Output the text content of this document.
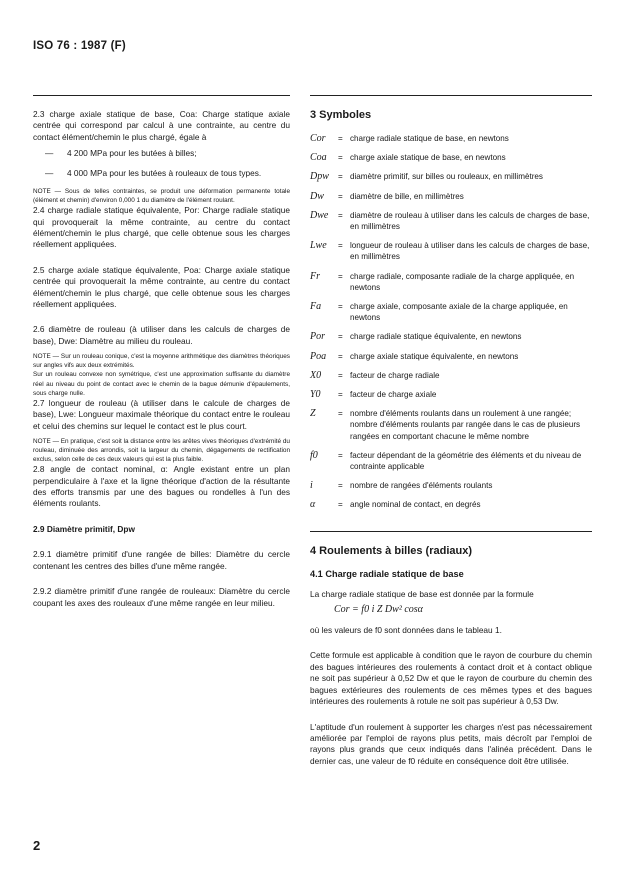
ISO 76 : 1987 (F)

2.3 charge axiale statique de base, Coa: Charge statique axiale centrée qui correspond par calcul à une contrainte, au centre du contact élément/chemin le plus chargé, égale à

—	4 200 MPa pour les butées à billes;
—	4 000 MPa pour les butées à rouleaux de tous types.

NOTE — Sous de telles contraintes, se produit une déformation permanente totale (élément et chemin) d'environ 0,000 1 du diamètre de l'élément roulant.

2.4 charge radiale statique équivalente, Por: Charge radiale statique qui provoquerait la même contrainte, au centre du contact élément/chemin le plus chargé, que celle obtenue sous les charges réellement appliquées.

2.5 charge axiale statique équivalente, Poa: Charge axiale statique centrée qui provoquerait la même contrainte, au centre du contact élément/chemin le plus chargé, que celle obtenue sous les charges réellement appliquées.

2.6 diamètre de rouleau (à utiliser dans les calculs de charges de base), Dwe: Diamètre au milieu du rouleau.

NOTE — Sur un rouleau conique, c'est la moyenne arithmétique des diamètres théoriques sur angles vifs aux deux extrémités.

Sur un rouleau convexe non symétrique, c'est une approximation suffisante du diamètre réel au niveau du point de contact avec le chemin de la bague démunie d'épaulements, sous charge nulle.

2.7 longueur de rouleau (à utiliser dans le calcule de charges de base), Lwe: Longueur maximale théorique du contact entre le rouleau et celui des chemins sur lequel le contact est le plus court.

NOTE — En pratique, c'est soit la distance entre les arêtes vives théoriques d'extrémité du rouleau, diminuée des arrondis, soit la largeur du chemin, dégagements de rectification exclus, selon celle de ces deux valeurs qui est la plus faible.

2.8 angle de contact nominal, α: Angle existant entre un plan perpendiculaire à l'axe et la ligne théorique d'action de la résultante des efforts transmis par une des bagues ou rondelles à l'un des éléments roulants.

2.9 Diamètre primitif, Dpw

2.9.1 diamètre primitif d'une rangée de billes: Diamètre du cercle contenant les centres des billes d'une même rangée.

2.9.2 diamètre primitif d'une rangée de rouleaux: Diamètre du cercle coupant les axes des rouleaux d'une même rangée en leur milieu.

3 Symboles
Cor	= charge radiale statique de base, en newtons
Coa	= charge axiale statique de base, en newtons
Dpw	= diamètre primitif, sur billes ou rouleaux, en millimètres
Dw	= diamètre de bille, en millimètres
Dwe	= diamètre de rouleau à utiliser dans les calculs de charges de base, en millimètres
Lwe	= longueur de rouleau à utiliser dans les calculs de charges de base, en millimètres
Fr	= charge radiale, composante radiale de la charge appliquée, en newtons
Fa	= charge axiale, composante axiale de la charge appliquée, en newtons
Por	= charge radiale statique équivalente, en newtons
Poa	= charge axiale statique équivalente, en newtons
X0	= facteur de charge radiale
Y0	= facteur de charge axiale
Z	= nombre d'éléments roulants dans un roulement à une rangée; nombre d'éléments roulants par rangée dans le cas de plusieurs rangées en comportant chacune le même nombre
f0	= facteur dépendant de la géométrie des éléments et du niveau de contrainte applicable
i	= nombre de rangées d'éléments roulants
α	= angle nominal de contact, en degrés
4 Roulements à billes (radiaux)
4.1 Charge radiale statique de base

La charge radiale statique de base est donnée par la formule

Cor = f0 i Z Dw² cosα

où les valeurs de f0 sont données dans le tableau 1.

Cette formule est applicable à condition que le rayon de courbure du chemin des bagues intérieures des roulements à contact droit et à contact oblique ne soit pas supérieur à 0,52 Dw et que le rayon de courbure du chemin des bagues extérieures des roulements de ces mêmes types et des bagues intérieures des roulements à rotule ne soit pas supérieur à 0,53 Dw.

L'aptitude d'un roulement à supporter les charges n'est pas nécessairement améliorée par l'emploi de rayons plus petits, mais décroît par l'emploi de rayons plus grands que ceux indiqués dans l'alinéa précédent. Dans le dernier cas, une valeur de f0 réduite en conséquence doit être utilisée.

2
